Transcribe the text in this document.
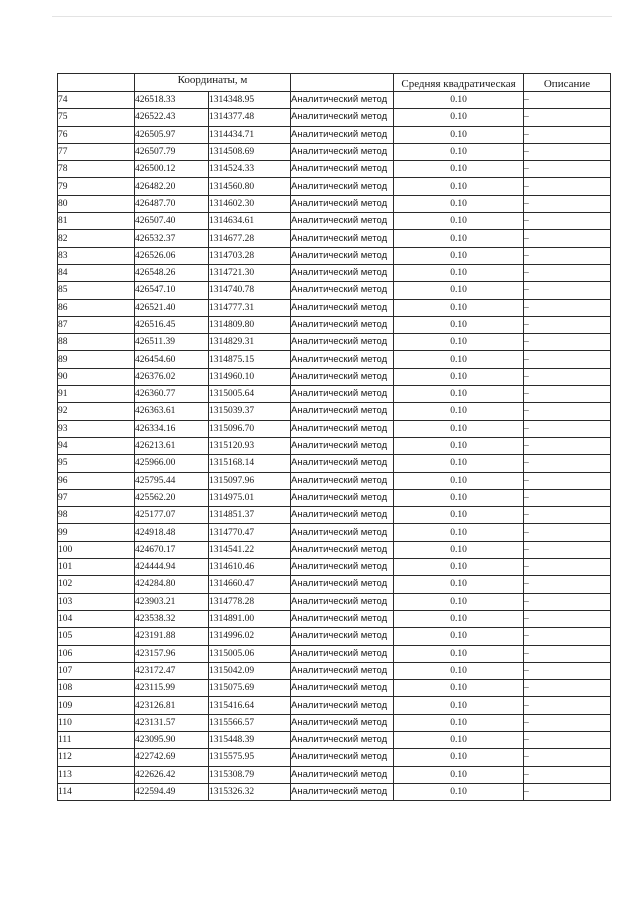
	Координаты, м			Средняя квадратическая	Описание

74	426518.33	1314348.95	Аналитический метод	0.10	–
75	426522.43	1314377.48	Аналитический метод	0.10	–
76	426505.97	1314434.71	Аналитический метод	0.10	–
77	426507.79	1314508.69	Аналитический метод	0.10	–
78	426500.12	1314524.33	Аналитический метод	0.10	–
79	426482.20	1314560.80	Аналитический метод	0.10	–
80	426487.70	1314602.30	Аналитический метод	0.10	–
81	426507.40	1314634.61	Аналитический метод	0.10	–
82	426532.37	1314677.28	Аналитический метод	0.10	–
83	426526.06	1314703.28	Аналитический метод	0.10	–
84	426548.26	1314721.30	Аналитический метод	0.10	–
85	426547.10	1314740.78	Аналитический метод	0.10	–
86	426521.40	1314777.31	Аналитический метод	0.10	–
87	426516.45	1314809.80	Аналитический метод	0.10	–
88	426511.39	1314829.31	Аналитический метод	0.10	–
89	426454.60	1314875.15	Аналитический метод	0.10	–
90	426376.02	1314960.10	Аналитический метод	0.10	–
91	426360.77	1315005.64	Аналитический метод	0.10	–
92	426363.61	1315039.37	Аналитический метод	0.10	–
93	426334.16	1315096.70	Аналитический метод	0.10	–
94	426213.61	1315120.93	Аналитический метод	0.10	–
95	425966.00	1315168.14	Аналитический метод	0.10	–
96	425795.44	1315097.96	Аналитический метод	0.10	–
97	425562.20	1314975.01	Аналитический метод	0.10	–
98	425177.07	1314851.37	Аналитический метод	0.10	–
99	424918.48	1314770.47	Аналитический метод	0.10	–
100	424670.17	1314541.22	Аналитический метод	0.10	–
101	424444.94	1314610.46	Аналитический метод	0.10	–
102	424284.80	1314660.47	Аналитический метод	0.10	–
103	423903.21	1314778.28	Аналитический метод	0.10	–
104	423538.32	1314891.00	Аналитический метод	0.10	–
105	423191.88	1314996.02	Аналитический метод	0.10	–
106	423157.96	1315005.06	Аналитический метод	0.10	–
107	423172.47	1315042.09	Аналитический метод	0.10	–
108	423115.99	1315075.69	Аналитический метод	0.10	–
109	423126.81	1315416.64	Аналитический метод	0.10	–
110	423131.57	1315566.57	Аналитический метод	0.10	–
111	423095.90	1315448.39	Аналитический метод	0.10	–
112	422742.69	1315575.95	Аналитический метод	0.10	–
113	422626.42	1315308.79	Аналитический метод	0.10	–
114	422594.49	1315326.32	Аналитический метод	0.10	–
